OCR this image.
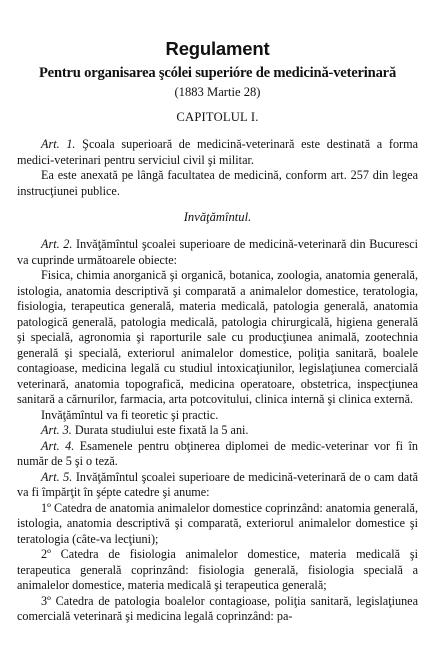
Regulament

Pentru organisarea şcólei superióre de medicină-veterinară

(1883 Martie 28)

CAPITOLUL I.

Art. 1. Şcoala superioară de medicină-veterinară este destinată a forma medici-veterinari pentru serviciul civil şi militar.

Ea este anexată pe lângă facultatea de medicină, conform art. 257 din legea instrucţiunei publice.

Invăţămîntul.

Art. 2. Invăţămîntul şcoalei superioare de medicină-veterinară din Bucuresci va cuprinde următoarele obiecte:

Fisica, chimia anorganică şi organică, botanica, zoologia, anatomia generală, istologia, anatomia descriptivă şi comparată a animalelor domestice, teratologia, fisiologia, terapeutica generală, materia medicală, patologia generală, anatomia patologică generală, patologia medicală, patologia chirurgicală, higiena generală şi specială, agronomia şi raporturile sale cu producţiunea animală, zootechnia generală şi specială, exteriorul animalelor domestice, poliţia sanitară, boalele contagioase, medicina legală cu studiul intoxicaţiunilor, legislaţiunea comercială veterinară, anatomia topografică, medicina operatoare, obstetrica, inspecţiunea sanitară a cărnurilor, farmacia, arta potcovitului, clinica internă şi clinica externă.

Invăţămîntul va fi teoretic şi practic.

Art. 3. Durata studiului este fixată la 5 ani.

Art. 4. Esamenele pentru obţinerea diplomei de medic-veterinar vor fi în număr de 5 şi o teză.

Art. 5. Invăţămîntul şcoalei superioare de medicină-veterinară de o cam dată va fi împărţit în şépte catedre şi anume:

1º Catedra de anatomia animalelor domestice coprinzând: anatomia generală, istologia, anatomia descriptivă şi comparată, exteriorul animalelor domestice şi teratologia (câte-va lecţiuni);

2º Catedra de fisiologia animalelor domestice, materia medicală şi terapeutica generală coprinzând: fisiologia generală, fisiologia specială a animalelor domestice, materia medicală şi terapeutica generală;

3º Catedra de patologia boalelor contagioase, poliţia sanitară, legislaţiunea comercială veterinară şi medicina legală coprinzând: pa-
